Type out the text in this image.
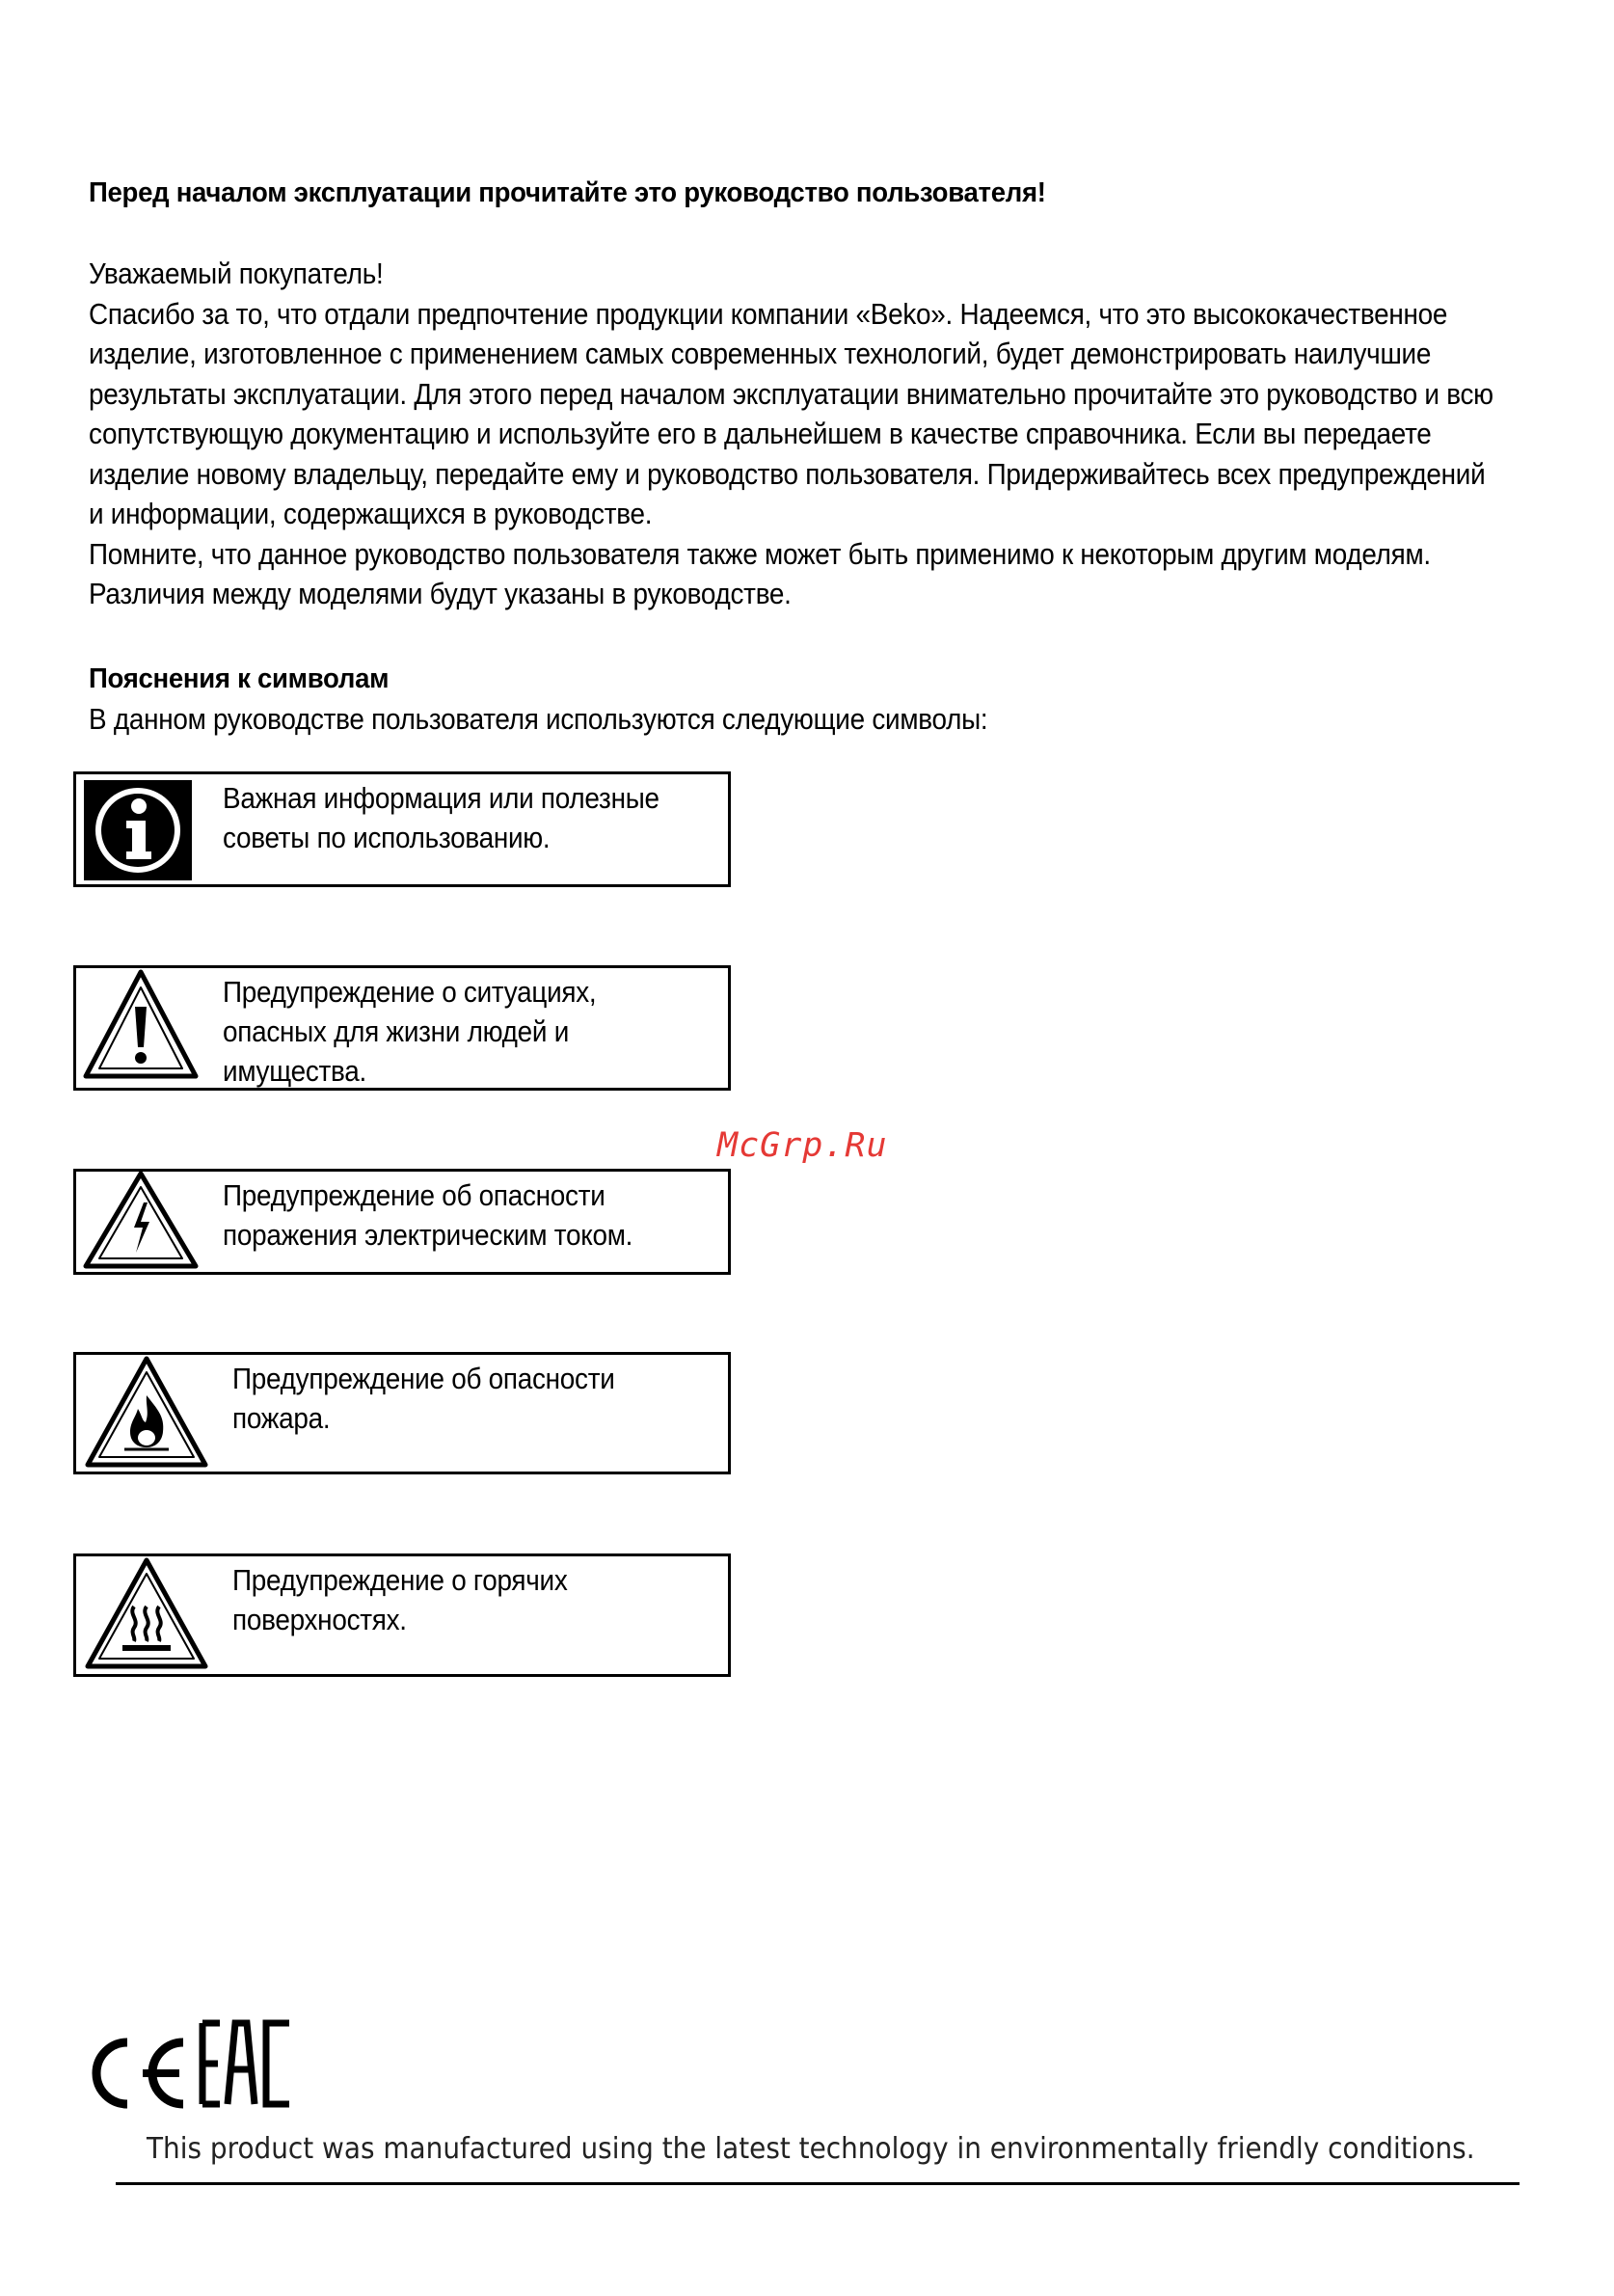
Перед началом эксплуатации прочитайте это руководство пользователя!

Уважаемый покупатель!

Спасибо за то, что отдали предпочтение продукции компании «Beko». Надеемся, что это высококачественное изделие, изготовленное с применением самых современных технологий, будет демонстрировать наилучшие результаты эксплуатации. Для этого перед началом эксплуатации внимательно прочитайте это руководство и всю сопутствующую документацию и используйте его в дальнейшем в качестве справочника. Если вы передаете изделие новому владельцу, передайте ему и руководство пользователя. Придерживайтесь всех предупреждений и информации, содержащихся в руководстве.

Помните, что данное руководство пользователя также может быть применимо к некоторым другим моделям. Различия между моделями будут указаны в руководстве.

Пояснения к символам
В данном руководстве пользователя используются следующие символы:
Важная информация или полезные
советы по использованию.
Предупреждение о ситуациях,
опасных для жизни людей и
имущества.
Предупреждение об опасности
поражения электрическим током.
Предупреждение об опасности
пожара.
Предупреждение о горячих
поверхностях.
McGrp.Ru
This product was manufactured using the latest technology in environmentally friendly conditions.
